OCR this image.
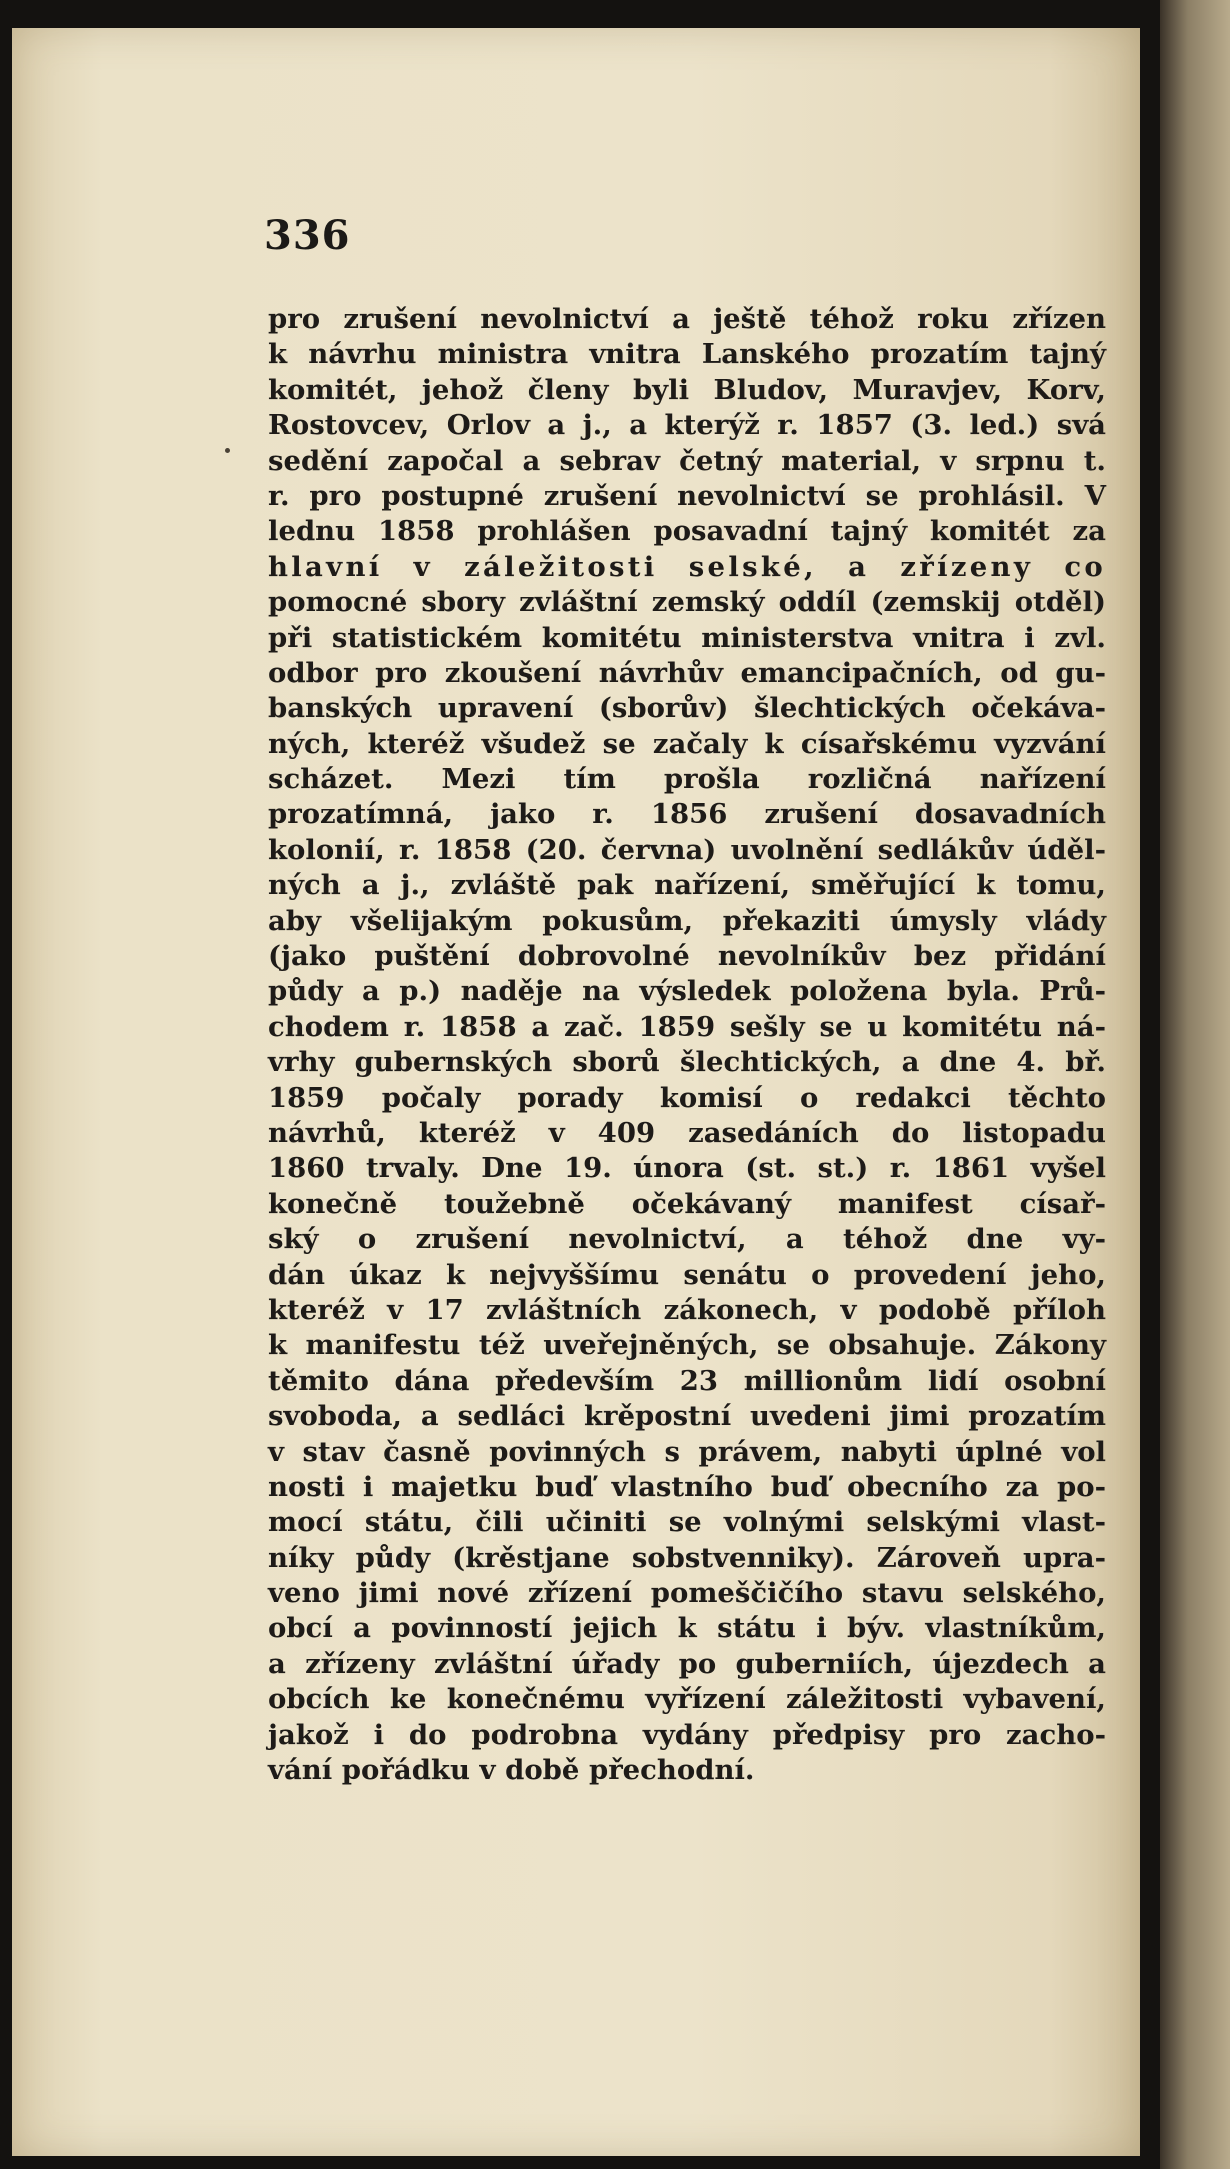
336
pro zrušení nevolnictví a ještě téhož roku zřízen
k návrhu ministra vnitra Lanského prozatím tajný
komitét, jehož členy byli Bludov, Muravjev, Korv,
Rostovcev, Orlov a j., a kterýž r. 1857 (3. led.) svá
sedění započal a sebrav četný material, v srpnu t.
r. pro postupné zrušení nevolnictví se prohlásil. V
lednu 1858 prohlášen posavadní tajný komitét za
hlavní v záležitosti selské, a zřízeny co
pomocné sbory zvláštní zemský oddíl (zemskij otděl)
při statistickém komitétu ministerstva vnitra i zvl.
odbor pro zkoušení návrhův emancipačních, od gu-
banských upravení (sborův) šlechtických očekáva-
ných, kteréž všudež se začaly k císařskému vyzvání
scházet. Mezi tím prošla rozličná nařízení
prozatímná, jako r. 1856 zrušení dosavadních
kolonií, r. 1858 (20. června) uvolnění sedlákův úděl-
ných a j., zvláště pak nařízení, směřující k tomu,
aby všelijakým pokusům, překaziti úmysly vlády
(jako puštění dobrovolné nevolníkův bez přidání
půdy a p.) naděje na výsledek položena byla. Prů-
chodem r. 1858 a zač. 1859 sešly se u komitétu ná-
vrhy gubernských sborů šlechtických, a dne 4. bř.
1859 počaly porady komisí o redakci těchto
návrhů, kteréž v 409 zasedáních do listopadu
1860 trvaly. Dne 19. února (st. st.) r. 1861 vyšel
konečně toužebně očekávaný manifest císař-
ský o zrušení nevolnictví, a téhož dne vy-
dán úkaz k nejvyššímu senátu o provedení jeho,
kteréž v 17 zvláštních zákonech, v podobě příloh
k manifestu též uveřejněných, se obsahuje. Zákony
těmito dána především 23 millionům lidí osobní
svoboda, a sedláci krěpostní uvedeni jimi prozatím
v stav časně povinných s právem, nabyti úplné vol
nosti i majetku buď vlastního buď obecního za po-
mocí státu, čili učiniti se volnými selskými vlast-
níky půdy (krěstjane sobstvenniky). Zároveň upra-
veno jimi nové zřízení pomeščičího stavu selského,
obcí a povinností jejich k státu i býv. vlastníkům,
a zřízeny zvláštní úřady po guberniích, újezdech a
obcích ke konečnému vyřízení záležitosti vybavení,
jakož i do podrobna vydány předpisy pro zacho-
vání pořádku v době přechodní.
